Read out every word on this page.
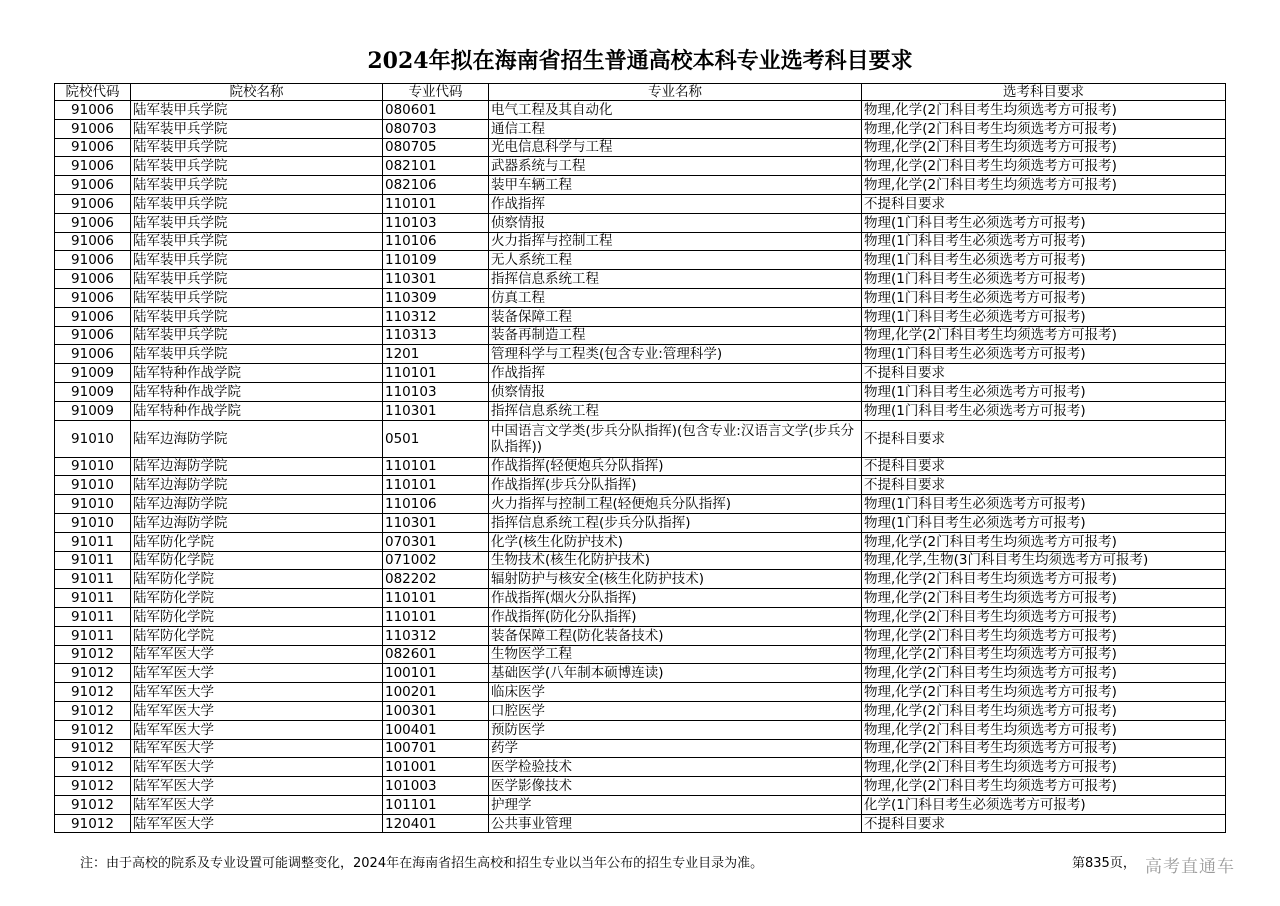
2024年拟在海南省招生普通高校本科专业选考科目要求
院校代码	院校名称	专业代码	专业名称	选考科目要求
91006	陆军装甲兵学院	080601	电气工程及其自动化	物理,化学(2门科目考生均须选考方可报考)
91006	陆军装甲兵学院	080703	通信工程	物理,化学(2门科目考生均须选考方可报考)
91006	陆军装甲兵学院	080705	光电信息科学与工程	物理,化学(2门科目考生均须选考方可报考)
91006	陆军装甲兵学院	082101	武器系统与工程	物理,化学(2门科目考生均须选考方可报考)
91006	陆军装甲兵学院	082106	装甲车辆工程	物理,化学(2门科目考生均须选考方可报考)
91006	陆军装甲兵学院	110101	作战指挥	不提科目要求
91006	陆军装甲兵学院	110103	侦察情报	物理(1门科目考生必须选考方可报考)
91006	陆军装甲兵学院	110106	火力指挥与控制工程	物理(1门科目考生必须选考方可报考)
91006	陆军装甲兵学院	110109	无人系统工程	物理(1门科目考生必须选考方可报考)
91006	陆军装甲兵学院	110301	指挥信息系统工程	物理(1门科目考生必须选考方可报考)
91006	陆军装甲兵学院	110309	仿真工程	物理(1门科目考生必须选考方可报考)
91006	陆军装甲兵学院	110312	装备保障工程	物理(1门科目考生必须选考方可报考)
91006	陆军装甲兵学院	110313	装备再制造工程	物理,化学(2门科目考生均须选考方可报考)
91006	陆军装甲兵学院	1201	管理科学与工程类(包含专业:管理科学)	物理(1门科目考生必须选考方可报考)
91009	陆军特种作战学院	110101	作战指挥	不提科目要求
91009	陆军特种作战学院	110103	侦察情报	物理(1门科目考生必须选考方可报考)
91009	陆军特种作战学院	110301	指挥信息系统工程	物理(1门科目考生必须选考方可报考)
91010	陆军边海防学院	0501	中国语言文学类(步兵分队指挥)(包含专业:汉语言文学(步兵分队指挥))	不提科目要求
91010	陆军边海防学院	110101	作战指挥(轻便炮兵分队指挥)	不提科目要求
91010	陆军边海防学院	110101	作战指挥(步兵分队指挥)	不提科目要求
91010	陆军边海防学院	110106	火力指挥与控制工程(轻便炮兵分队指挥)	物理(1门科目考生必须选考方可报考)
91010	陆军边海防学院	110301	指挥信息系统工程(步兵分队指挥)	物理(1门科目考生必须选考方可报考)
91011	陆军防化学院	070301	化学(核生化防护技术)	物理,化学(2门科目考生均须选考方可报考)
91011	陆军防化学院	071002	生物技术(核生化防护技术)	物理,化学,生物(3门科目考生均须选考方可报考)
91011	陆军防化学院	082202	辐射防护与核安全(核生化防护技术)	物理,化学(2门科目考生均须选考方可报考)
91011	陆军防化学院	110101	作战指挥(烟火分队指挥)	物理,化学(2门科目考生均须选考方可报考)
91011	陆军防化学院	110101	作战指挥(防化分队指挥)	物理,化学(2门科目考生均须选考方可报考)
91011	陆军防化学院	110312	装备保障工程(防化装备技术)	物理,化学(2门科目考生均须选考方可报考)
91012	陆军军医大学	082601	生物医学工程	物理,化学(2门科目考生均须选考方可报考)
91012	陆军军医大学	100101	基础医学(八年制本硕博连读)	物理,化学(2门科目考生均须选考方可报考)
91012	陆军军医大学	100201	临床医学	物理,化学(2门科目考生均须选考方可报考)
91012	陆军军医大学	100301	口腔医学	物理,化学(2门科目考生均须选考方可报考)
91012	陆军军医大学	100401	预防医学	物理,化学(2门科目考生均须选考方可报考)
91012	陆军军医大学	100701	药学	物理,化学(2门科目考生均须选考方可报考)
91012	陆军军医大学	101001	医学检验技术	物理,化学(2门科目考生均须选考方可报考)
91012	陆军军医大学	101003	医学影像技术	物理,化学(2门科目考生均须选考方可报考)
91012	陆军军医大学	101101	护理学	化学(1门科目考生必须选考方可报考)
91012	陆军军医大学	120401	公共事业管理	不提科目要求
注：由于高校的院系及专业设置可能调整变化，2024年在海南省招生高校和招生专业以当年公布的招生专业目录为准。	第835页， 高考直通车
